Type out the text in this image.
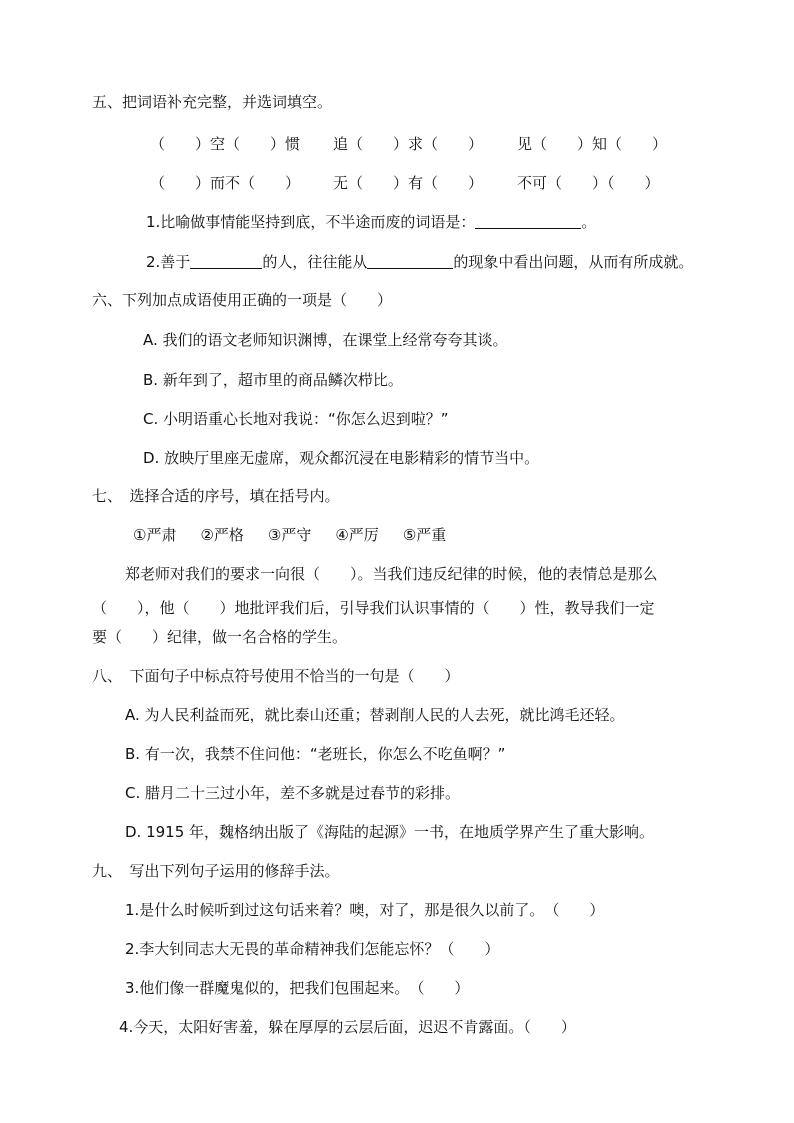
五、把词语补充完整，并选词填空。
（　　）空（　　）惯 追（　　）求（　　） 见（　　）知（　　）
（　　）而不（　　） 无（　　）有（　　） 不可（　　）（　　）
1.比喻做事情能坚持到底，不半途而废的词语是：	。
2.善于	的人，往往能从	的现象中看出问题，从而有所成就。
六、下列加点成语使用正确的一项是（　　）
A. 我们的语文老师知识渊博，在课堂上经常夸夸其谈。
B. 新年到了，超市里的商品鳞次栉比。
C. 小明语重心长地对我说：“你怎么迟到啦？”
D. 放映厅里座无虚席，观众都沉浸在电影精彩的情节当中。
七、　选择合适的序号，填在括号内。
①严肃 ②严格 ③严守 ④严厉 ⑤严重
郑老师对我们的要求一向很（　　）。当我们违反纪律的时候，他的表情总是那么
（　　），他（　　）地批评我们后，引导我们认识事情的（　　）性，教导我们一定
要（　　）纪律，做一名合格的学生。
八、　下面句子中标点符号使用不恰当的一句是（　　）
A. 为人民利益而死，就比泰山还重；替剥削人民的人去死，就比鸿毛还轻。
B. 有一次，我禁不住问他：“老班长，你怎么不吃鱼啊？”
C. 腊月二十三过小年，差不多就是过春节的彩排。
D. 1915 年，魏格纳出版了《海陆的起源》一书，在地质学界产生了重大影响。
九、　写出下列句子运用的修辞手法。
1.是什么时候听到过这句话来着？噢，对了，那是很久以前了。　（　　）
2.李大钊同志大无畏的革命精神我们怎能忘怀？（　　）
3.他们像一群魔鬼似的，把我们包围起来。　（　　）
4.今天，太阳好害羞，躲在厚厚的云层后面，迟迟不肯露面。（　　）
